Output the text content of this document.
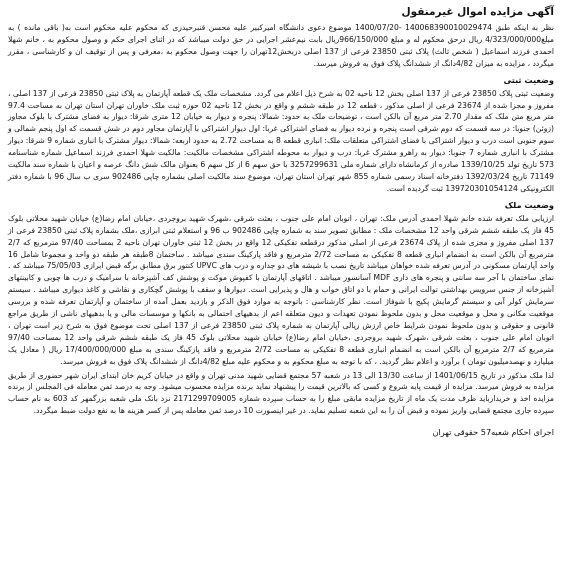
آگهی مزایده اموال غیرمنقول

نظر به اینکه طبق 140068390010029474 -1400/07/20 موضوع دعوی دانشگاه امیرکبیر علیه محسن قنبرحیدری که محکوم علیه محکوم است به( باقی مانده ) به مبلغ4/323/000/000 ریال درحق محکوم له و مبلغ 966/150/000ریال بابت نیم‌عشر اجرایی در حق دولت میباشد که در اثنای اجرای حکم و وصول محکوم به ، خانم شهلا احمدی فرزند اسماعیل ( شخص ثالث) پلاک ثبتی 23850 فرعی از 137 اصلی دربخش12تهران را جهت وصول محکوم به ،معرفی و پس از توقیف ان و کارشناسی ، مقرر میگردد ، مزایده به میزان 4/82دانگ از ششدانگ پلاک فوق به فروش میرسد.

وضعیت ثبتی

وضعیت ثبتی پلاک 23850 فرعی از 137 اصلی بخش 12 ناحیه 02 به شرح ذیل اعلام می گردد. مشخصات ملک یک قطعه آپارتمان به پلاک ثبتی 23850 فرعی از 137 اصلی ، مفروز و مجزا شده از 23674 فرعی از اصلی مذکور ، قطعه 12 در طبقه ششم و واقع در بخش 12 ناحیه 02 حوزه ثبت ملک خاوران تهران استان تهران به مساحت 97.4 متر مربع متن ملک که مقدار 2.70 متر مربع آن بالکن است ، توضیحات ملک به حدود: شمالا: پنجره و دیوار به خیابان 12 متری شرقا: دیوار به فضای مشترک با بلوک مجاور (زوئن) جنوبا: در سه قسمت که دوم شرقی است پنجره و نرده دیوار به فضای اشتراکی غربا: اول دیوار اشتراکی با آپارتمان مجاور دوم در شش قسمت که اول پنجم شمالی و سوم جنوبی است درب و دیوار اشتراکی با فضای اشتراکی متعلقات ملک: انباری قطعه 8 به مساحت 2.72 به حدود اربعه: شمالا: دیوار مشترک با انباری شماره 9 شرقا: دیوار مشترک با انباری شماره 7 جنوبا: دیوار به راهرو مشترک غربا: درب و دیوار به محوطه اشتراکی مشخصات مالکیت: مالکیت شهلا احمدی فرزند اسماعیل شماره شناسنامه 573 تاریخ تولد 1339/10/25 صادره از کرمانشاه دارای شماره ملی 3257299631 با حق سهم 6 از کل سهم 6 بعنوان مالک شش دانگ عرصه و اعیان با شماره سند مالکیت 71149 تاریخ 1392/03/24 دفترخانه اسناد رسمی شماره 855 شهر تهران استان تهران، موضوع سند مالکیت اصلی بشماره چاپی 902486 سری ب سال 96 با شماره دفتر الکترونیکی 139720301054124 ثبت گردیده است.

وضعیت ملک

ارزیابی ملک تعرفه شده خانم شهلا احمدی آدرس ملک: تهران ، اتوبان امام علی جنوب ، بعثت شرقی ،شهرک شهید بروجردی ،خیابان امام رضا(ع) خیابان شهید محلاتی بلوک 45 فاز یک طبقه ششم شرقی واحد 12 مشخصات ملک : مطابق تصویر سند به شماره چاپی 902486 ب 96 و استعلام ثبتی ابرازی ،ملک بشماره پلاک ثبتی 23850 فرعی از 137 اصلی مفروز و مجزی شده از پلاک 23674 فرعی از اصلی مذکور درقطعه تفکیکی 12 واقع در بخش 12 ثبتی خاوران تهران ناحیه 2 بمساحت 97/40 مترمربع که 2/7 مترمربع آن بالکن است به انضمام انباری قطعه 8 تفکیکی به مساحت 2/72 مترمربع و فاقد پارکینگ سندی میباشد . ساختمان 8طبقه هر طبقه دو واحد و مجموعا شامل 16 واحد آپارتمان مسکونی در آدرس تعرفه شده خواهان میباشد تاریخ نصب با شیشه های دو جداره و درب های UPVC کنتور برق مطابق برگه قبض ابرازی 75/05/03 میباشد که . نمای ساختمان با آجر سه سانتی و پنجره های داری MDF آسانسور میباشد . اتاقهای آپارتمان با کفپوش موکت و پوشش کف آشپزخانه با سرامیک و درب ها چوبی و کابینتهای آشپزخانه از جنس سرویس بهداشتی توالت ایرانی و حمام با دو اتاق خواب و هال و پذیرایی است. دیوارها و سقف با پوشش گچکاری و نقاشی و کاغذ دیواری میباشد . سیستم سرمایش کولر آبی و سیستم گرمایش پکیج با شوفاژ است. نظر کارشناسی : باتوجه به موارد فوق الذکر و بازدید بعمل آمده از ساختمان و آپارتمان تعرفه شده و بررسی موقعیت مکانی و محل و موقعیت محل و بدون ملحوظ نمودن تعهدات و دیون متعلقه اعم از بدهیهای احتمالی به بانکها و موسسات مالی و یا بدهیهای ناشی از طریق مراجع قانونی و حقوقی و بدون ملحوظ نمودن شرایط خاص ارزش ریالی آپارتمان به شماره پلاک ثبتی 23850 فرعی از 137 اصلی تحت موضوع فوق به شرح زیر است تهران ، اتوبان امام علی جنوب ، بعثت شرقی ،شهرک شهید بروجردی ،خیابان امام رضا(ع) خیابان شهید محلاتی بلوک 45 فاز یک طبقه ششم شرقی واحد 12 بمساحت 97/40 مترمربع که 2/7 مترمربع آن بالکن است به انضمام انباری قطعه 8 تفکیکی به مساحت 2/72 مترمربع و فاقد پارکینگ سندی به مبلغ 17/400/000/000 ریال ( معادل یک میلیارد و نهصدمیلیون تومان ) برآورد و اعلام نظر گردید. ، که با توجه به مبلغ محکوم به و محکوم علیه مبلغ 4/82دانگ از ششدانگ پلاک فوق به فروش میرسد.

لذا ملک مذکور در تاریخ 1401/06/15 از ساعت 13/30 الی 13 در شعبه 57 مجتمع قضایی شهید مدنی تهران و واقع در خیابان کریم خان ابتدای ایران شهر حضوری از طریق مزایده به فروش میرسد. مزایده از قیمت پایه شروع و کسی که بالاترین قیمت را پیشنهاد نماید برنده مزایده محسوب میشود. وجه به درصد ثمن معامله فی المجلس از برنده مزایده اخذ و خریدارباید ظرف مدت یک ماه از تاریخ مزایده مابقی مبلغ را به حساب سپرده شماره 2171299709005 نزد بانک ملی شعبه بزرگمهر کد 603 به نام حساب سپرده جاری مجتمع قضایی واریز نموده و قبض آن را به این شعبه تسلیم نماید. در غیر اینصورت 10 درصد ثمن معامله پس از کسر هزینه ها به نفع دولت ضبط میگردد.

اجرای احکام شعبه57 حقوقی تهران
